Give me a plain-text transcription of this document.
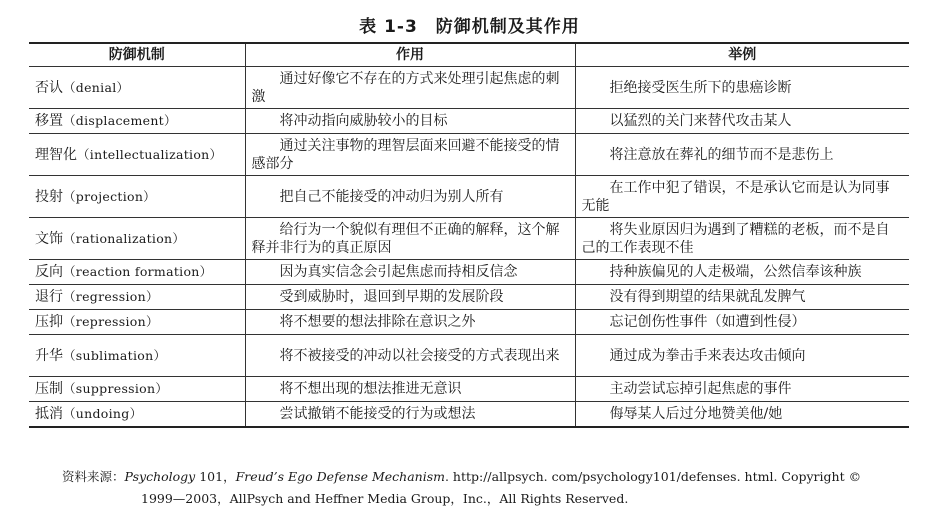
表 1-3　防御机制及其作用
防御机制	作用	举例
否认（denial）	通过好像它不存在的方式来处理引起焦虑的刺激	拒绝接受医生所下的患癌诊断
移置（displacement）	将冲动指向威胁较小的目标	以猛烈的关门来替代攻击某人
理智化（intellectualization）	通过关注事物的理智层面来回避不能接受的情感部分	将注意放在葬礼的细节而不是悲伤上
投射（projection）	把自己不能接受的冲动归为别人所有	在工作中犯了错误，不是承认它而是认为同事无能
文饰（rationalization）	给行为一个貌似有理但不正确的解释，这个解释并非行为的真正原因	将失业原因归为遇到了糟糕的老板，而不是自己的工作表现不佳
反向（reaction formation）	因为真实信念会引起焦虑而持相反信念	持种族偏见的人走极端，公然信奉该种族
退行（regression）	受到威胁时，退回到早期的发展阶段	没有得到期望的结果就乱发脾气
压抑（repression）	将不想要的想法排除在意识之外	忘记创伤性事件（如遭到性侵）
升华（sublimation）	将不被接受的冲动以社会接受的方式表现出来	通过成为拳击手来表达攻击倾向
压制（suppression）	将不想出现的想法推进无意识	主动尝试忘掉引起焦虑的事件
抵消（undoing）	尝试撤销不能接受的行为或想法	侮辱某人后过分地赞美他/她
资料来源：Psychology 101，Freud’s Ego Defense Mechanism. http://allpsych. com/psychology101/defenses. html. Copyright ©
1999—2003，AllPsych and Heffner Media Group，Inc.，All Rights Reserved.
